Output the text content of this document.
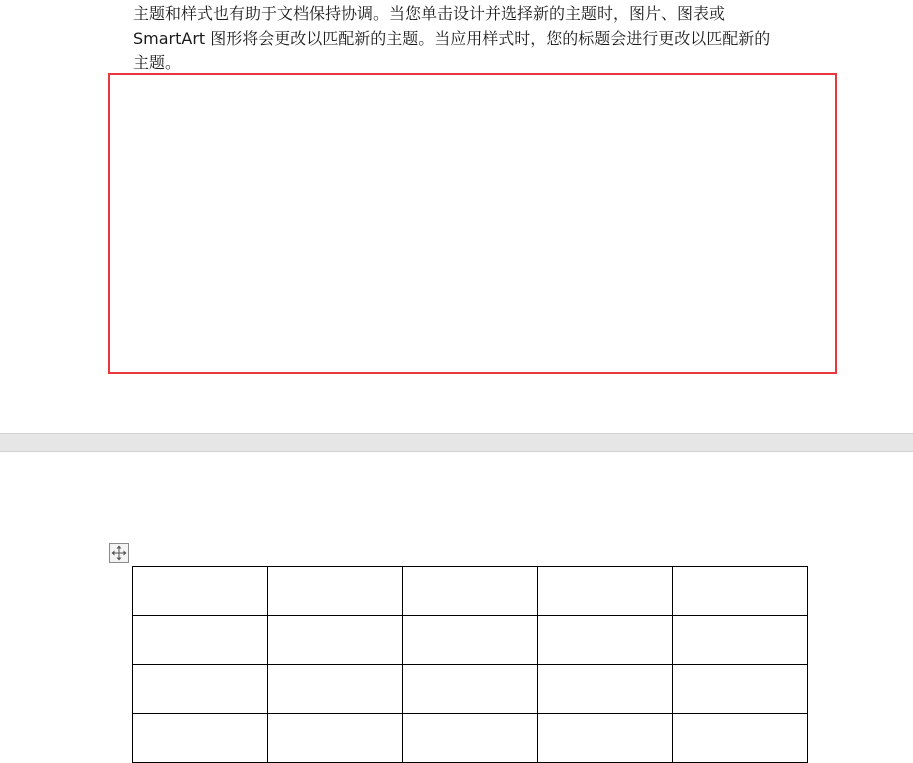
主题和样式也有助于文档保持协调。当您单击设计并选择新的主题时，图片、图表或
SmartArt 图形将会更改以匹配新的主题。当应用样式时，您的标题会进行更改以匹配新的
主题。
